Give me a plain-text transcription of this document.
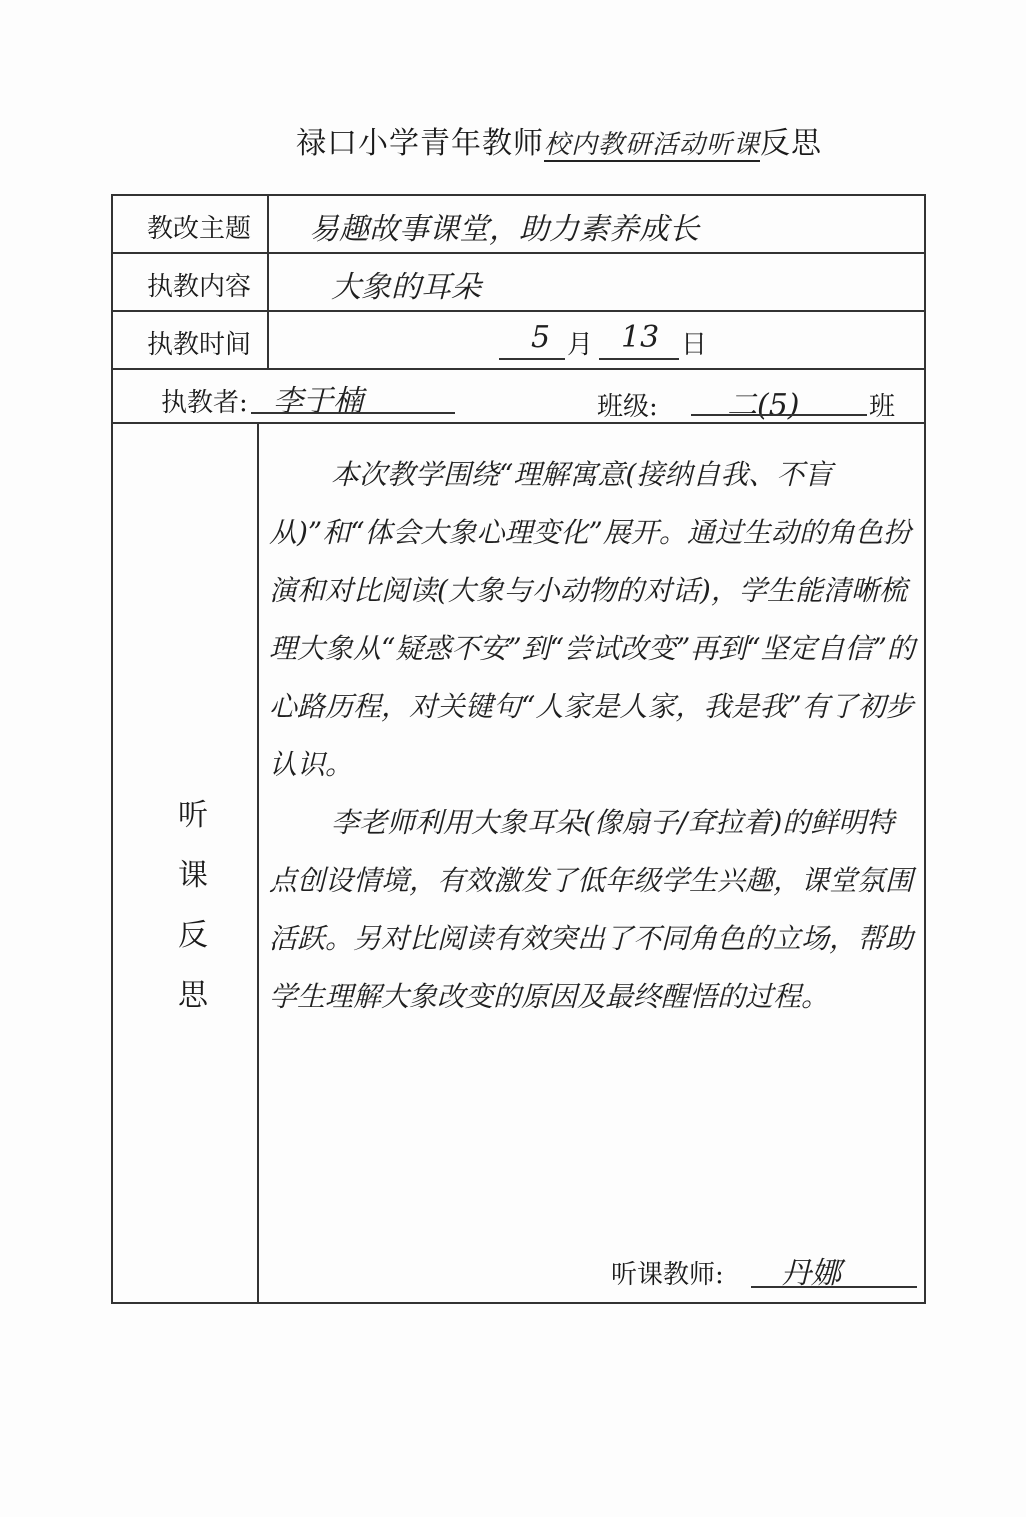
禄口小学青年教师校内教研活动听课反思
教改主题 易趣故事课堂，助力素养成长
执教内容	大象的耳朵
执教时间	5 月 13 日
执教者: 李于楠	班级: 二(5)	班
听
课
反
思

本次教学围绕“理解寓意(接纳自我、不盲从)”和“体会大象心理变化”展开。通过生动的角色扮演和对比阅读(大象与小动物的对话)，学生能清晰梳理大象从“疑惑不安”到“尝试改变”再到“坚定自信”的心路历程，对关键句“人家是人家，我是我”有了初步认识。

李老师利用大象耳朵(像扇子/耷拉着)的鲜明特点创设情境，有效激发了低年级学生兴趣，课堂氛围活跃。另对比阅读有效突出了不同角色的立场，帮助学生理解大象改变的原因及最终醒悟的过程。

听课教师: 丹娜
